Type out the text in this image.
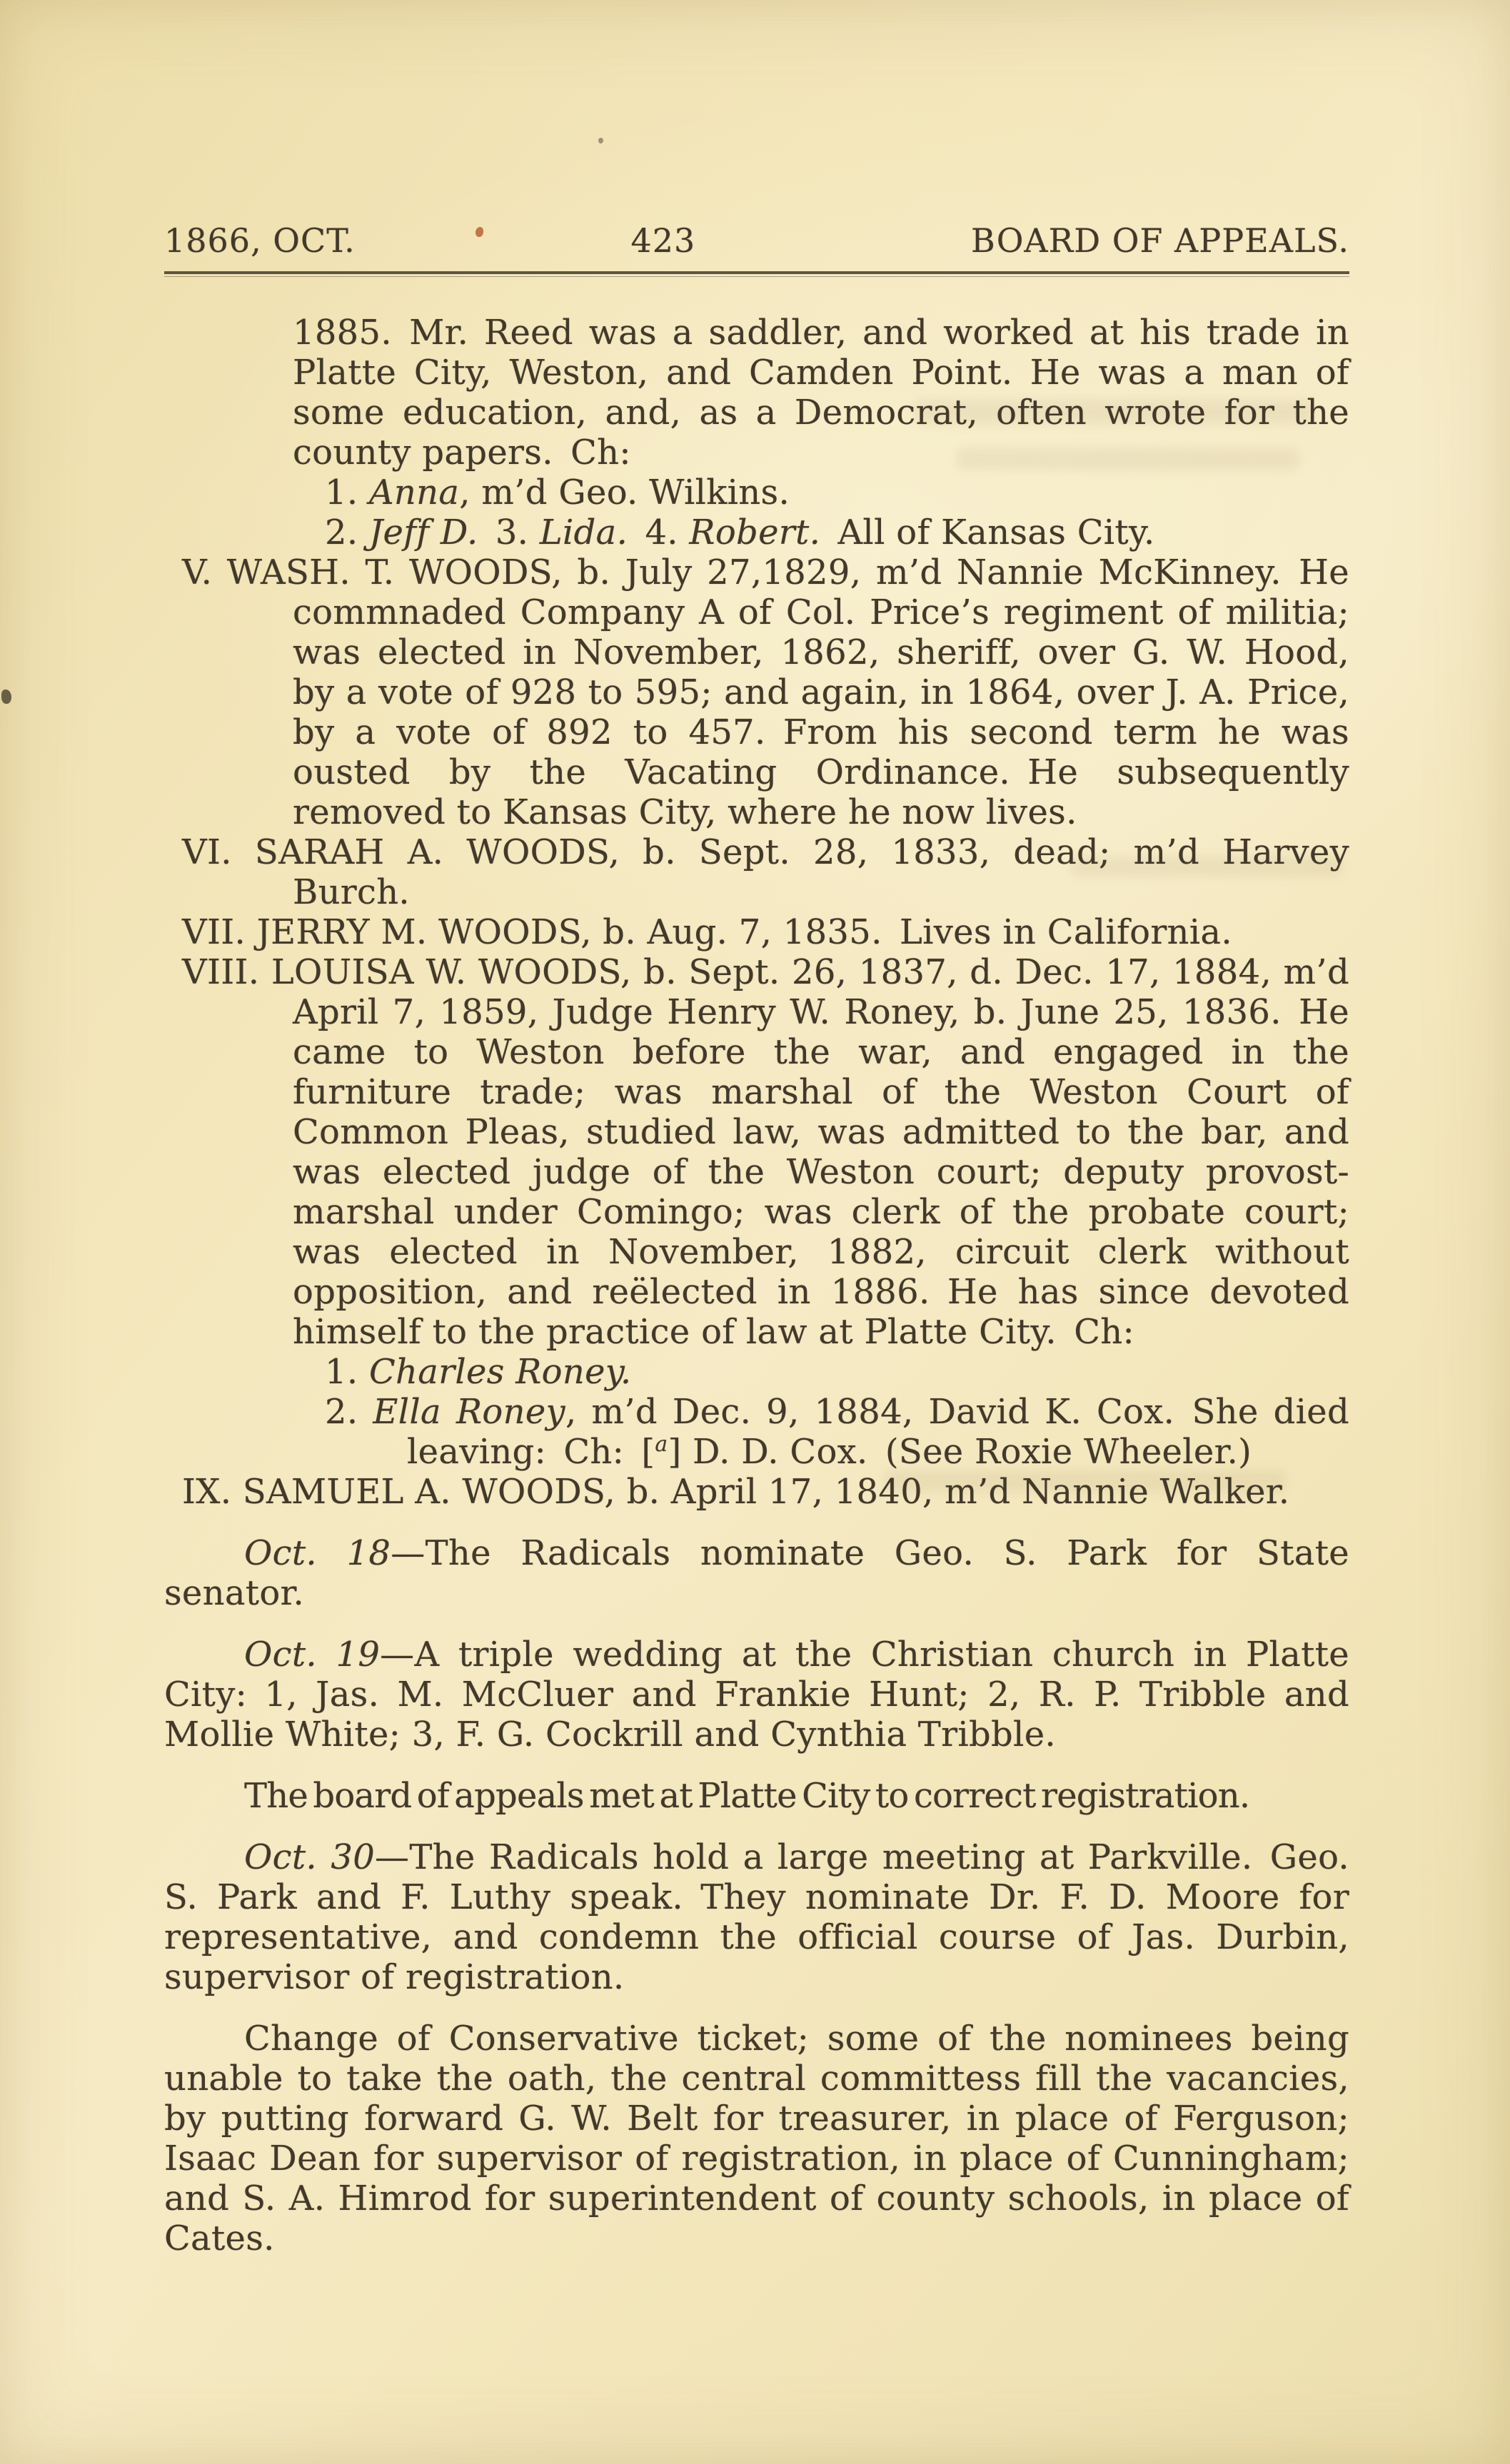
1866, OCT.	423	BOARD OF APPEALS.
1885. Mr. Reed was a saddler, and worked at his trade in Platte City, Weston, and Camden Point. He was a man of some education, and, as a Democrat, often wrote for the county papers. Ch:
1. Anna, m’d Geo. Wilkins.
2. Jeff D. 3. Lida. 4. Robert. All of Kansas City.
V. WASH. T. WOODS, b. July 27,1829, m’d Nannie McKinney. He commnaded Company A of Col. Price’s regiment of militia; was elected in November, 1862, sheriff, over G. W. Hood, by a vote of 928 to 595; and again, in 1864, over J. A. Price, by a vote of 892 to 457. From his second term he was ousted by the Vacating Ordinance. He subsequently removed to Kansas City, where he now lives.
VI. SARAH A. WOODS, b. Sept. 28, 1833, dead; m’d Harvey Burch.
VII. JERRY M. WOODS, b. Aug. 7, 1835. Lives in California.
VIII. LOUISA W. WOODS, b. Sept. 26, 1837, d. Dec. 17, 1884, m’d April 7, 1859, Judge Henry W. Roney, b. June 25, 1836. He came to Weston before the war, and engaged in the furniture trade; was marshal of the Weston Court of Common Pleas, studied law, was admitted to the bar, and was elected judge of the Weston court; deputy provost-marshal under Comingo; was clerk of the probate court; was elected in November, 1882, circuit clerk without opposition, and reëlected in 1886. He has since devoted himself to the practice of law at Platte City. Ch:
1. Charles Roney.
2. Ella Roney, m’d Dec. 9, 1884, David K. Cox. She died leaving: Ch: [$^a$] D. D. Cox. (See Roxie Wheeler.)
IX. SAMUEL A. WOODS, b. April 17, 1840, m’d Nannie Walker.
Oct. 18—The Radicals nominate Geo. S. Park for State senator.
Oct. 19—A triple wedding at the Christian church in Platte City: 1, Jas. M. McCluer and Frankie Hunt; 2, R. P. Tribble and Mollie White; 3, F. G. Cockrill and Cynthia Tribble.
The board of appeals met at Platte City to correct registration.
Oct. 30—The Radicals hold a large meeting at Parkville. Geo. S. Park and F. Luthy speak. They nominate Dr. F. D. Moore for representative, and condemn the official course of Jas. Durbin, supervisor of registration.
Change of Conservative ticket; some of the nominees being unable to take the oath, the central committess fill the vacancies, by putting forward G. W. Belt for treasurer, in place of Ferguson; Isaac Dean for supervisor of registration, in place of Cunningham; and S. A. Himrod for superintendent of county schools, in place of Cates.
